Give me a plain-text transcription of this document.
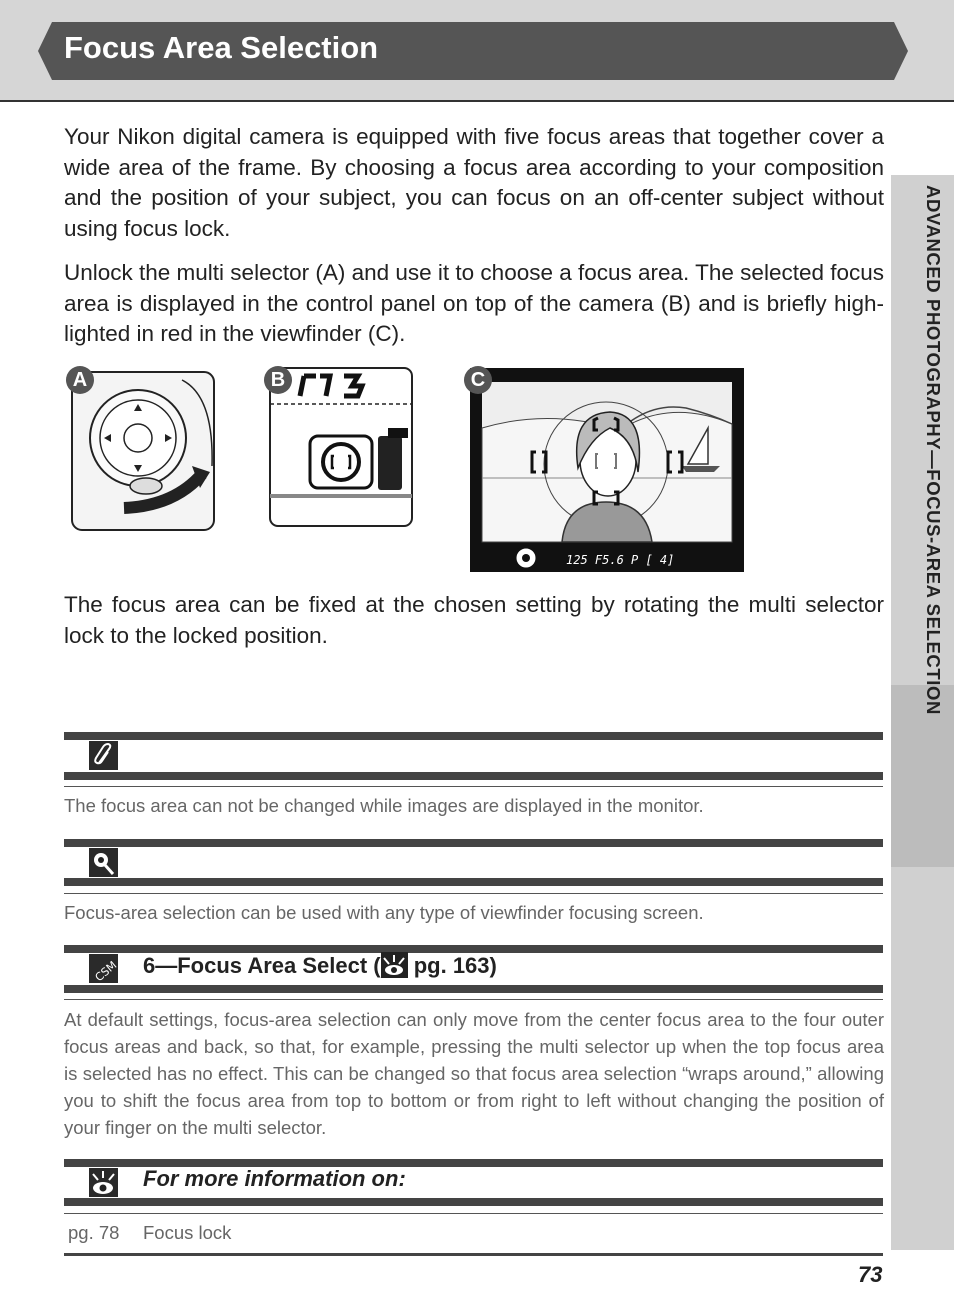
Focus Area Selection
ADVANCED PHOTOGRAPHY—FOCUS-AREA SELECTION
Your Nikon digital camera is equipped with five focus areas that together cover a wide area of the frame. By choosing a focus area according to your composition and the position of your subject, you can focus on an off-center subject without using focus lock.
Unlock the multi selector (A) and use it to choose a focus area. The selected focus area is displayed in the control panel on top of the camera (B) and is briefly high-lighted in red in the viewfinder (C).
A	B
125 F5.6 P [ 4]
C
The focus area can be fixed at the chosen setting by rotating the multi selector lock to the locked position.
The focus area can not be changed while images are displayed in the monitor.
Focus-area selection can be used with any type of viewfinder focusing screen.
CSM 6—Focus Area Select ( pg. 163)
At default settings, focus-area selection can only move from the center focus area to the four outer focus areas and back, so that, for example, pressing the multi selector up when the top focus area is selected has no effect. This can be changed so that focus area selection “wraps around,” allowing you to shift the focus area from top to bottom or from right to left without changing the position of your finger on the multi selector.
For more information on:
pg. 78 Focus lock
73
